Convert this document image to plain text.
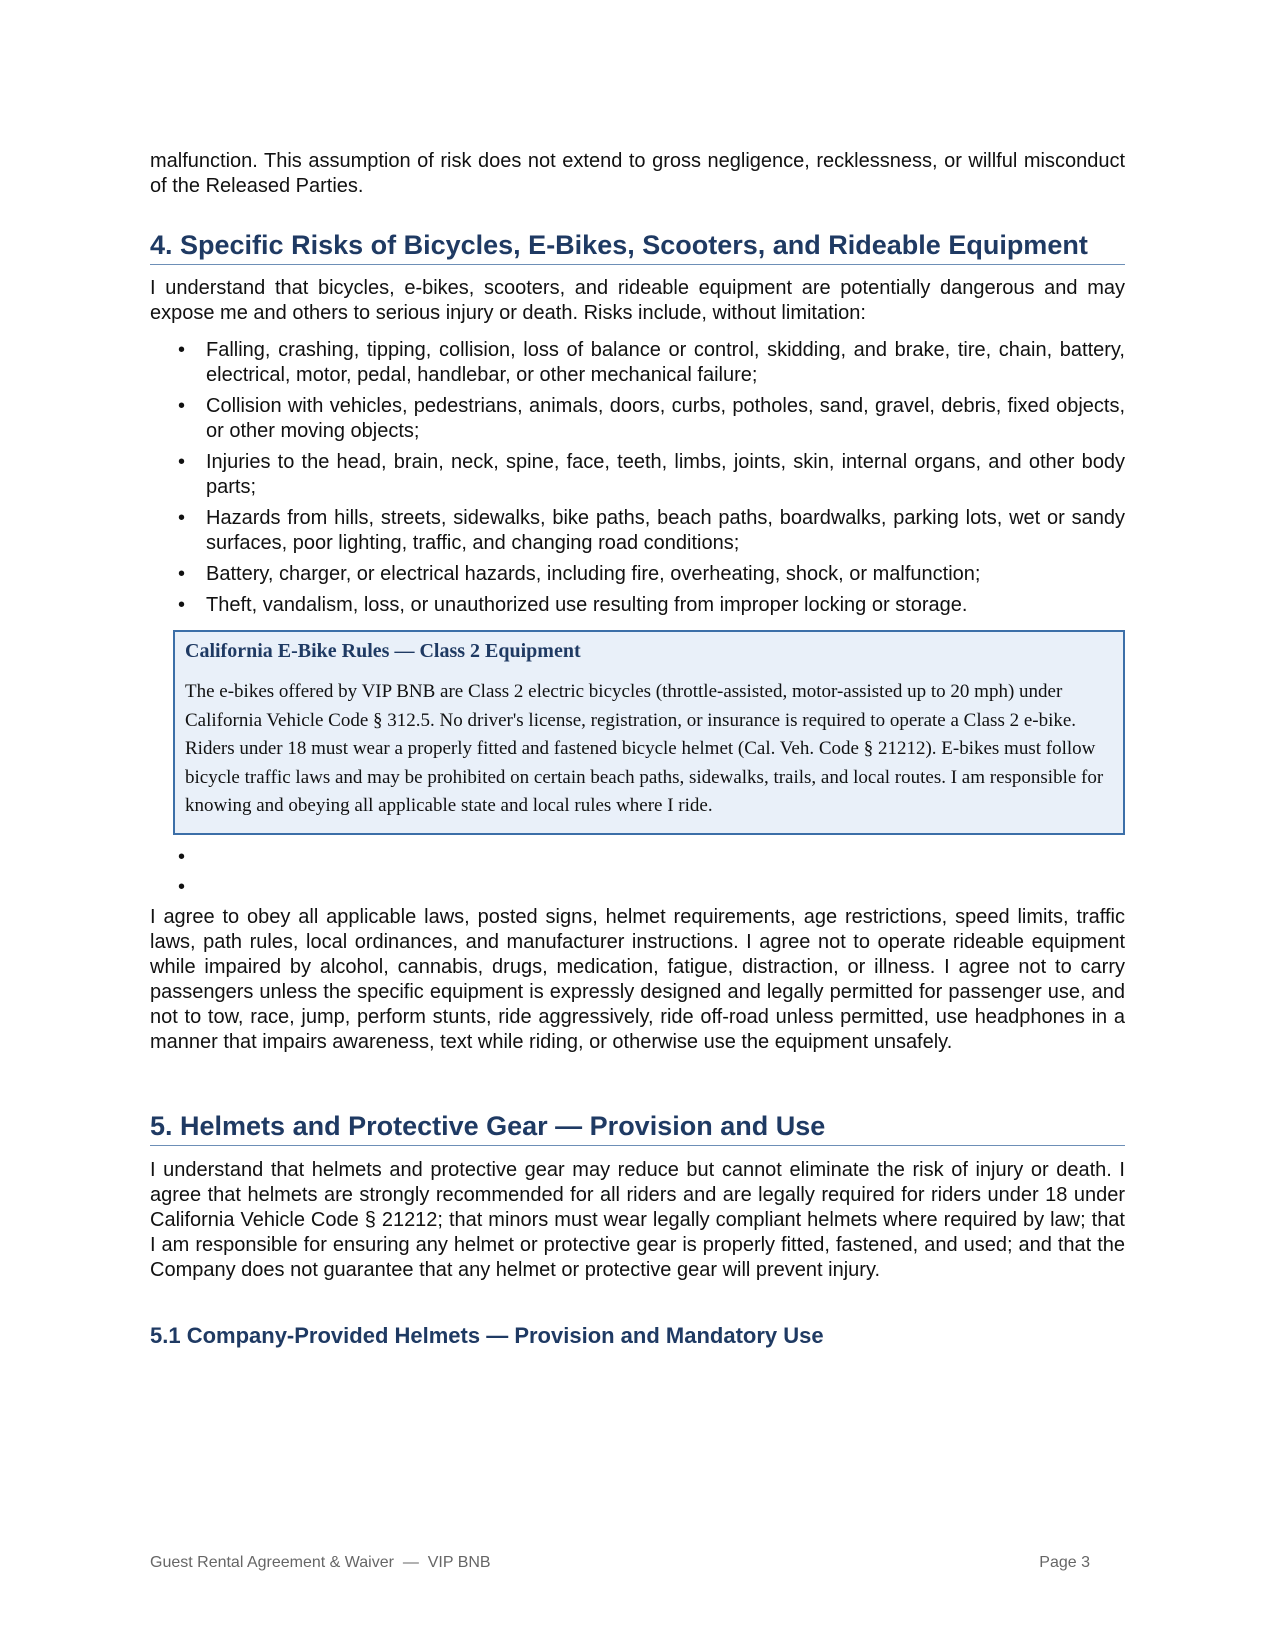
malfunction. This assumption of risk does not extend to gross negligence, recklessness, or willful misconduct of the Released Parties.

4. Specific Risks of Bicycles, E-Bikes, Scooters, and Rideable Equipment

I understand that bicycles, e-bikes, scooters, and rideable equipment are potentially dangerous and may expose me and others to serious injury or death. Risks include, without limitation:

• Falling, crashing, tipping, collision, loss of balance or control, skidding, and brake, tire, chain, battery, electrical, motor, pedal, handlebar, or other mechanical failure;
• Collision with vehicles, pedestrians, animals, doors, curbs, potholes, sand, gravel, debris, fixed objects, or other moving objects;
• Injuries to the head, brain, neck, spine, face, teeth, limbs, joints, skin, internal organs, and other body parts;
• Hazards from hills, streets, sidewalks, bike paths, beach paths, boardwalks, parking lots, wet or sandy surfaces, poor lighting, traffic, and changing road conditions;
• Battery, charger, or electrical hazards, including fire, overheating, shock, or malfunction;
• Theft, vandalism, loss, or unauthorized use resulting from improper locking or storage.
California E-Bike Rules — Class 2 Equipment

The e-bikes offered by VIP BNB are Class 2 electric bicycles (throttle-assisted, motor-assisted up to 20 mph) under California Vehicle Code § 312.5. No driver's license, registration, or insurance is required to operate a Class 2 e-bike. Riders under 18 must wear a properly fitted and fastened bicycle helmet (Cal. Veh. Code § 21212). E-bikes must follow bicycle traffic laws and may be prohibited on certain beach paths, sidewalks, trails, and local routes. I am responsible for knowing and obeying all applicable state and local rules where I ride.

•
•

I agree to obey all applicable laws, posted signs, helmet requirements, age restrictions, speed limits, traffic laws, path rules, local ordinances, and manufacturer instructions. I agree not to operate rideable equipment while impaired by alcohol, cannabis, drugs, medication, fatigue, distraction, or illness. I agree not to carry passengers unless the specific equipment is expressly designed and legally permitted for passenger use, and not to tow, race, jump, perform stunts, ride aggressively, ride off-road unless permitted, use headphones in a manner that impairs awareness, text while riding, or otherwise use the equipment unsafely.

5. Helmets and Protective Gear — Provision and Use

I understand that helmets and protective gear may reduce but cannot eliminate the risk of injury or death. I agree that helmets are strongly recommended for all riders and are legally required for riders under 18 under California Vehicle Code § 21212; that minors must wear legally compliant helmets where required by law; that I am responsible for ensuring any helmet or protective gear is properly fitted, fastened, and used; and that the Company does not guarantee that any helmet or protective gear will prevent injury.

5.1 Company-Provided Helmets — Provision and Mandatory Use
Guest Rental Agreement & Waiver  —  VIP BNB	Page 3
